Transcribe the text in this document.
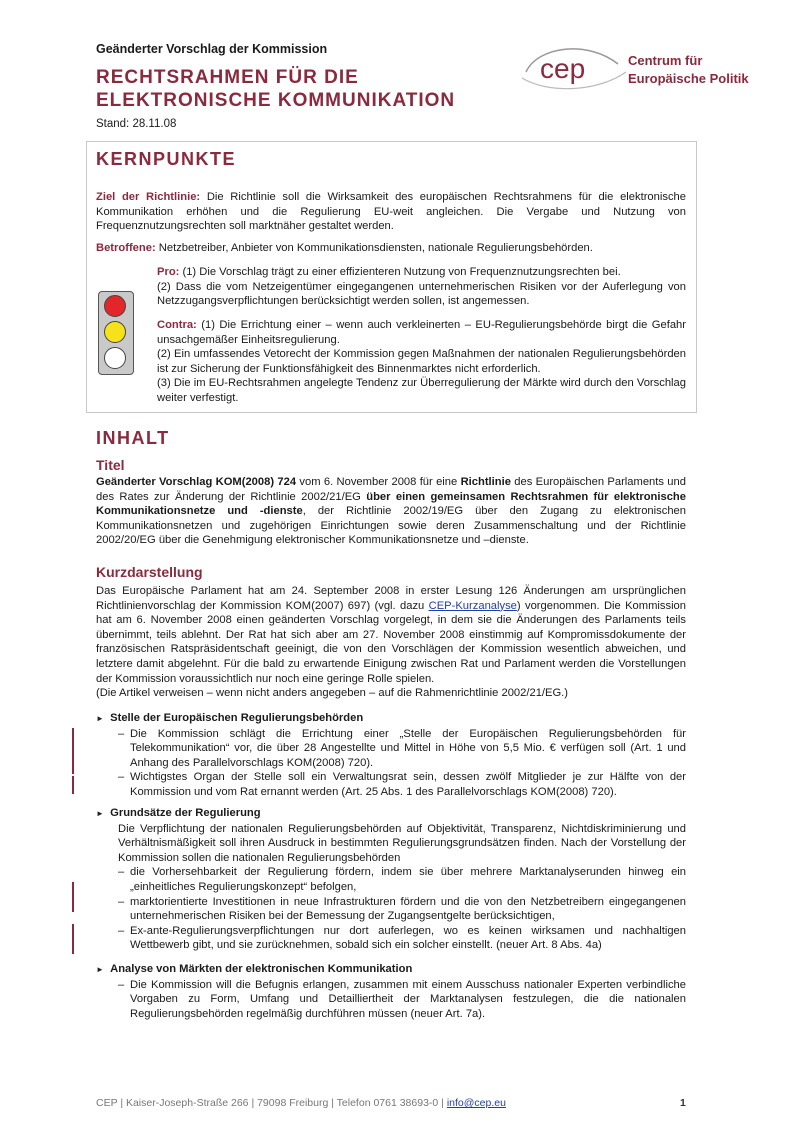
Geänderter Vorschlag der Kommission
RECHTSRAHMEN FÜR DIE
ELEKTRONISCHE KOMMUNIKATION
Stand: 28.11.08
cep	Centrum für
Europäische Politik
KERNPUNKTE
Ziel der Richtlinie: Die Richtlinie soll die Wirksamkeit des europäischen Rechtsrahmens für die elektronische Kommunikation erhöhen und die Regulierung EU-weit angleichen. Die Vergabe und Nutzung von Frequenznutzungsrechten soll marktnäher gestaltet werden.
Betroffene: Netzbetreiber, Anbieter von Kommunikationsdiensten, nationale Regulierungsbehörden.
Pro: (1) Die Vorschlag trägt zu einer effizienteren Nutzung von Frequenznutzungsrechten bei.
(2) Dass die vom Netzeigentümer eingegangenen unternehmerischen Risiken vor der Auferlegung von Netzzugangsverpflichtungen berücksichtigt werden sollen, ist angemessen.
Contra: (1) Die Errichtung einer – wenn auch verkleinerten – EU-Regulierungsbehörde birgt die Gefahr unsachgemäßer Einheitsregulierung.
(2) Ein umfassendes Vetorecht der Kommission gegen Maßnahmen der nationalen Regulierungsbehörden ist zur Sicherung der Funktionsfähigkeit des Binnenmarktes nicht erforderlich.
(3) Die im EU-Rechtsrahmen angelegte Tendenz zur Überregulierung der Märkte wird durch den Vorschlag weiter verfestigt.
INHALT
Titel
Geänderter Vorschlag KOM(2008) 724 vom 6. November 2008 für eine Richtlinie des Europäischen Parlaments und des Rates zur Änderung der Richtlinie 2002/21/EG über einen gemeinsamen Rechtsrahmen für elektronische Kommunikationsnetze und -dienste, der Richtlinie 2002/19/EG über den Zugang zu elektronischen Kommunikationsnetzen und zugehörigen Einrichtungen sowie deren Zusammenschaltung und der Richtlinie 2002/20/EG über die Genehmigung elektronischer Kommunikationsnetze und –dienste.
Kurzdarstellung
Das Europäische Parlament hat am 24. September 2008 in erster Lesung 126 Änderungen am ursprünglichen Richtlinienvorschlag der Kommission KOM(2007) 697) (vgl. dazu CEP-Kurzanalyse) vorgenommen. Die Kommission hat am 6. November 2008 einen geänderten Vorschlag vorgelegt, in dem sie die Änderungen des Parlaments teils übernimmt, teils ablehnt. Der Rat hat sich aber am 27. November 2008 einstimmig auf Kompromissdokumente der französischen Ratspräsidentschaft geeinigt, die von den Vorschlägen der Kommission wesentlich abweichen, und letztere damit abgelehnt. Für die bald zu erwartende Einigung zwischen Rat und Parlament werden die Vorstellungen der Kommission voraussichtlich nur noch eine geringe Rolle spielen.
(Die Artikel verweisen – wenn nicht anders angegeben – auf die Rahmenrichtlinie 2002/21/EG.)
► Stelle der Europäischen Regulierungsbehörden
– Die Kommission schlägt die Errichtung einer „Stelle der Europäischen Regulierungsbehörden für Telekommunikation“ vor, die über 28 Angestellte und Mittel in Höhe von 5,5 Mio. € verfügen soll (Art. 1 und Anhang des Parallelvorschlags KOM(2008) 720).
– Wichtigstes Organ der Stelle soll ein Verwaltungsrat sein, dessen zwölf Mitglieder je zur Hälfte von der Kommission und vom Rat ernannt werden (Art. 25 Abs. 1 des Parallelvorschlags KOM(2008) 720).
► Grundsätze der Regulierung
Die Verpflichtung der nationalen Regulierungsbehörden auf Objektivität, Transparenz, Nichtdiskriminierung und Verhältnismäßigkeit soll ihren Ausdruck in bestimmten Regulierungsgrundsätzen finden. Nach der Vorstellung der Kommission sollen die nationalen Regulierungsbehörden
– die Vorhersehbarkeit der Regulierung fördern, indem sie über mehrere Marktanalyserunden hinweg ein „einheitliches Regulierungskonzept“ befolgen,
– marktorientierte Investitionen in neue Infrastrukturen fördern und die von den Netzbetreibern eingegangenen unternehmerischen Risiken bei der Bemessung der Zugangsentgelte berücksichtigen,
– Ex-ante-Regulierungsverpflichtungen nur dort auferlegen, wo es keinen wirksamen und nachhaltigen Wettbewerb gibt, und sie zurücknehmen, sobald sich ein solcher einstellt. (neuer Art. 8 Abs. 4a)
► Analyse von Märkten der elektronischen Kommunikation
– Die Kommission will die Befugnis erlangen, zusammen mit einem Ausschuss nationaler Experten verbindliche Vorgaben zu Form, Umfang und Detailliertheit der Marktanalysen festzulegen, die die nationalen Regulierungsbehörden regelmäßig durchführen müssen (neuer Art. 7a).
CEP | Kaiser-Joseph-Straße 266 | 79098 Freiburg | Telefon 0761 38693-0 | info@cep.eu	1
